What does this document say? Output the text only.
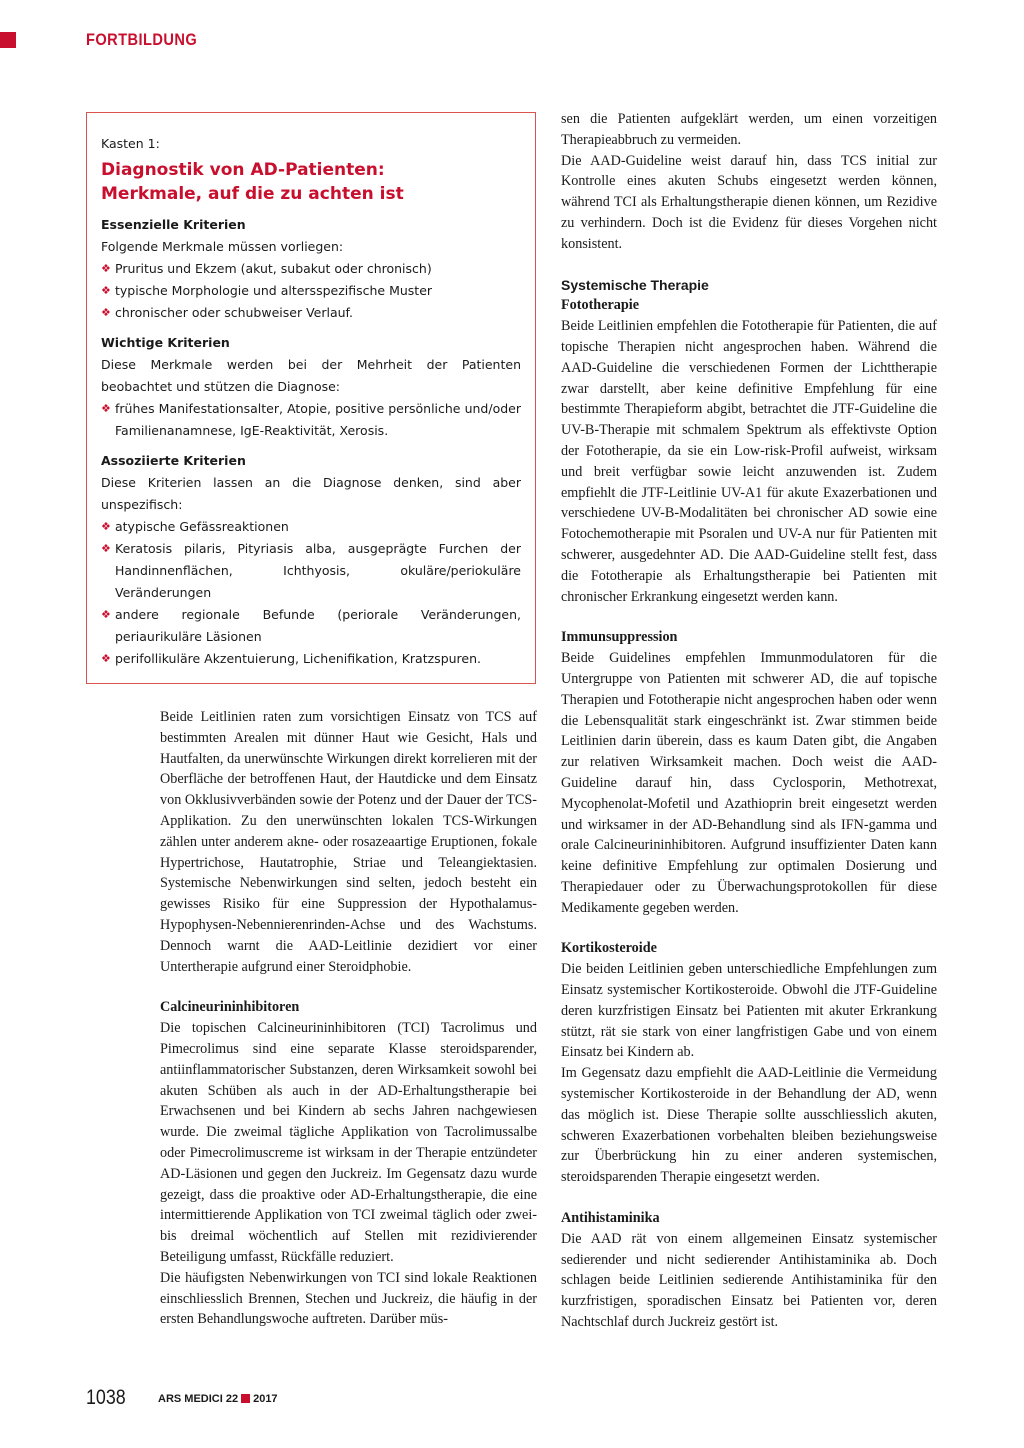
FORTBILDUNG
Kasten 1:
Diagnostik von AD-Patienten:
Merkmale, auf die zu achten ist
Essenzielle Kriterien
Folgende Merkmale müssen vorliegen:
❖ Pruritus und Ekzem (akut, subakut oder chronisch)
❖ typische Morphologie und altersspezifische Muster
❖ chronischer oder schubweiser Verlauf.
Wichtige Kriterien
Diese Merkmale werden bei der Mehrheit der Patienten beobachtet und stützen die Diagnose:
❖ frühes Manifestationsalter, Atopie, positive persönliche und/oder Familienanamnese, IgE-Reaktivität, Xerosis.
Assoziierte Kriterien
Diese Kriterien lassen an die Diagnose denken, sind aber unspezifisch:
❖ atypische Gefässreaktionen
❖ Keratosis pilaris, Pityriasis alba, ausgeprägte Furchen der Handinnenflächen, Ichthyosis, okuläre/periokuläre Veränderungen
❖ andere regionale Befunde (periorale Veränderungen, periaurikuläre Läsionen
❖ perifollikuläre Akzentuierung, Lichenifikation, Kratzspuren.

Beide Leitlinien raten zum vorsichtigen Einsatz von TCS auf bestimmten Arealen mit dünner Haut wie Gesicht, Hals und Hautfalten, da unerwünschte Wirkungen direkt korrelieren mit der Oberfläche der betroffenen Haut, der Hautdicke und dem Einsatz von Okklusivverbänden sowie der Potenz und der Dauer der TCS-Applikation. Zu den unerwünschten lokalen TCS-Wirkungen zählen unter anderem akne- oder rosazeaartige Eruptionen, fokale Hypertrichose, Hautatrophie, Striae und Teleangiektasien. Systemische Nebenwirkungen sind selten, jedoch besteht ein gewisses Risiko für eine Suppression der Hypothalamus-Hypophysen-Nebennierenrinden-Achse und des Wachstums. Dennoch warnt die AAD-Leitlinie dezidiert vor einer Untertherapie aufgrund einer Steroidphobie.

Calcineurininhibitoren

Die topischen Calcineurininhibitoren (TCI) Tacrolimus und Pimecrolimus sind eine separate Klasse steroidsparender, antiinflammatorischer Substanzen, deren Wirksamkeit sowohl bei akuten Schüben als auch in der AD-Erhaltungstherapie bei Erwachsenen und bei Kindern ab sechs Jahren nachgewiesen wurde. Die zweimal tägliche Applikation von Tacrolimussalbe oder Pimecrolimuscreme ist wirksam in der Therapie entzündeter AD-Läsionen und gegen den Juckreiz. Im Gegensatz dazu wurde gezeigt, dass die proaktive oder AD-Erhaltungstherapie, die eine intermittierende Applikation von TCI zweimal täglich oder zwei- bis dreimal wöchentlich auf Stellen mit rezidivierender Beteiligung umfasst, Rückfälle reduziert.

Die häufigsten Nebenwirkungen von TCI sind lokale Reaktionen einschliesslich Brennen, Stechen und Juckreiz, die häufig in der ersten Behandlungswoche auftreten. Darüber müs-

sen die Patienten aufgeklärt werden, um einen vorzeitigen Therapieabbruch zu vermeiden.

Die AAD-Guideline weist darauf hin, dass TCS initial zur Kontrolle eines akuten Schubs eingesetzt werden können, während TCI als Erhaltungstherapie dienen können, um Rezidive zu verhindern. Doch ist die Evidenz für dieses Vorgehen nicht konsistent.

Systemische Therapie

Fototherapie

Beide Leitlinien empfehlen die Fototherapie für Patienten, die auf topische Therapien nicht angesprochen haben. Während die AAD-Guideline die verschiedenen Formen der Lichttherapie zwar darstellt, aber keine definitive Empfehlung für eine bestimmte Therapieform abgibt, betrachtet die JTF-Guideline die UV-B-Therapie mit schmalem Spektrum als effektivste Option der Fototherapie, da sie ein Low-risk-Profil aufweist, wirksam und breit verfügbar sowie leicht anzuwenden ist. Zudem empfiehlt die JTF-Leitlinie UV-A1 für akute Exazerbationen und verschiedene UV-B-Modalitäten bei chronischer AD sowie eine Fotochemotherapie mit Psoralen und UV-A nur für Patienten mit schwerer, ausgedehnter AD. Die AAD-Guideline stellt fest, dass die Fototherapie als Erhaltungstherapie bei Patienten mit chronischer Erkrankung eingesetzt werden kann.

Immunsuppression

Beide Guidelines empfehlen Immunmodulatoren für die Untergruppe von Patienten mit schwerer AD, die auf topische Therapien und Fototherapie nicht angesprochen haben oder wenn die Lebensqualität stark eingeschränkt ist. Zwar stimmen beide Leitlinien darin überein, dass es kaum Daten gibt, die Angaben zur relativen Wirksamkeit machen. Doch weist die AAD-Guideline darauf hin, dass Cyclosporin, Methotrexat, Mycophenolat-Mofetil und Azathioprin breit eingesetzt werden und wirksamer in der AD-Behandlung sind als IFN-gamma und orale Calcineurininhibitoren. Aufgrund insuffizienter Daten kann keine definitive Empfehlung zur optimalen Dosierung und Therapiedauer oder zu Überwachungsprotokollen für diese Medikamente gegeben werden.

Kortikosteroide

Die beiden Leitlinien geben unterschiedliche Empfehlungen zum Einsatz systemischer Kortikosteroide. Obwohl die JTF-Guideline deren kurzfristigen Einsatz bei Patienten mit akuter Erkrankung stützt, rät sie stark von einer langfristigen Gabe und von einem Einsatz bei Kindern ab.

Im Gegensatz dazu empfiehlt die AAD-Leitlinie die Vermeidung systemischer Kortikosteroide in der Behandlung der AD, wenn das möglich ist. Diese Therapie sollte ausschliesslich akuten, schweren Exazerbationen vorbehalten bleiben beziehungsweise zur Überbrückung hin zu einer anderen systemischen, steroidsparenden Therapie eingesetzt werden.

Antihistaminika

Die AAD rät von einem allgemeinen Einsatz systemischer sedierender und nicht sedierender Antihistaminika ab. Doch schlagen beide Leitlinien sedierende Antihistaminika für den kurzfristigen, sporadischen Einsatz bei Patienten vor, deren Nachtschlaf durch Juckreiz gestört ist.

1038	ARS MEDICI 22 2017
